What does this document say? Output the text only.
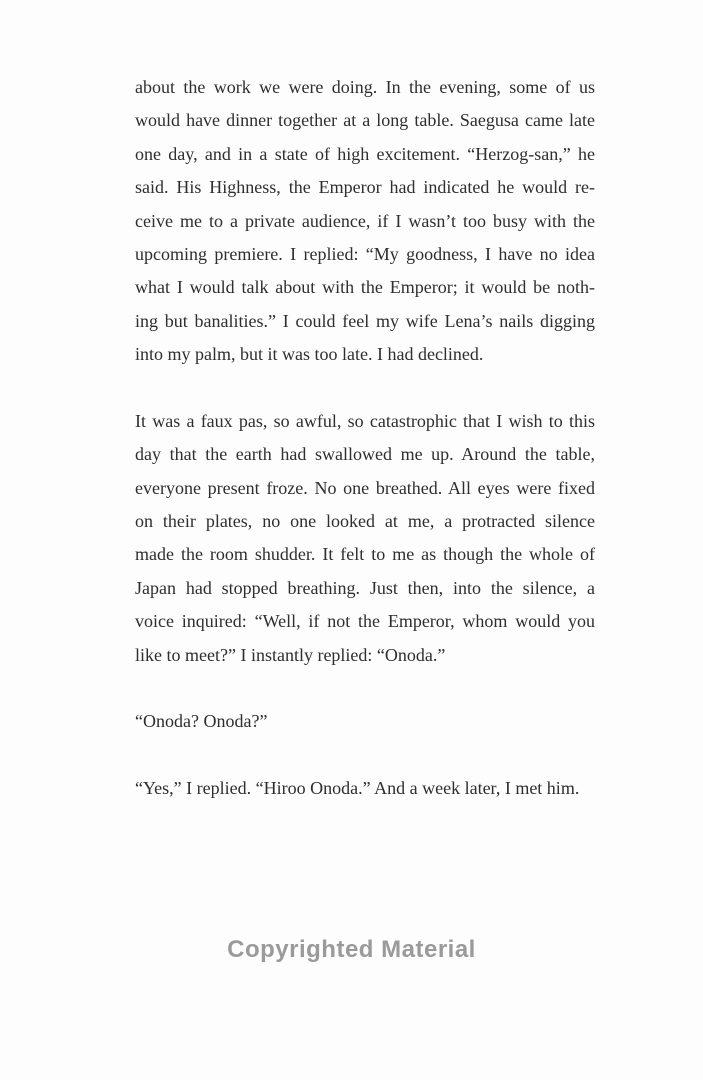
about the work we were doing. In the evening, some of us
would have dinner together at a long table. Saegusa came late
one day, and in a state of high excitement. “Herzog-san,” he
said. His Highness, the Emperor had indicated he would re-
ceive me to a private audience, if I wasn’t too busy with the
upcoming premiere. I replied: “My goodness, I have no idea
what I would talk about with the Emperor; it would be noth-
ing but banalities.” I could feel my wife Lena’s nails digging
into my palm, but it was too late. I had declined.
It was a faux pas, so awful, so catastrophic that I wish to this
day that the earth had swallowed me up. Around the table,
everyone present froze. No one breathed. All eyes were fixed
on their plates, no one looked at me, a protracted silence
made the room shudder. It felt to me as though the whole of
Japan had stopped breathing. Just then, into the silence, a
voice inquired: “Well, if not the Emperor, whom would you
like to meet?” I instantly replied: “Onoda.”
“Onoda? Onoda?”
“Yes,” I replied. “Hiroo Onoda.” And a week later, I met him.
Copyrighted Material
